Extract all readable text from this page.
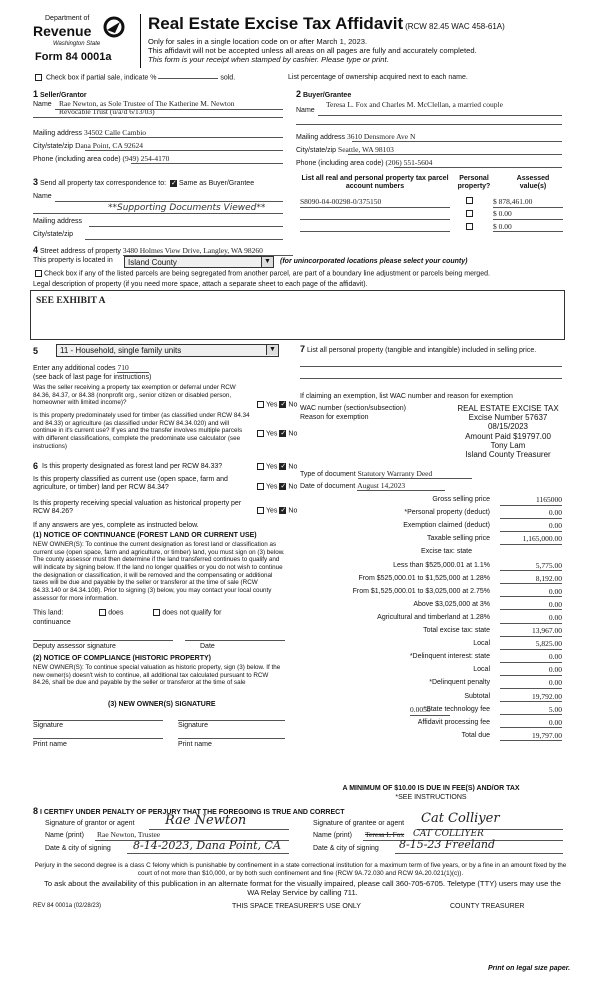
Department of
Revenue
Washington State
Form 84 0001a
Real Estate Excise Tax Affidavit (RCW 82.45 WAC 458-61A)
Only for sales in a single location code on or after March 1, 2023.
This affidavit will not be accepted unless all areas on all pages are fully and accurately completed.
This form is your receipt when stamped by cashier. Please type or print.
Check box if partial sale, indicate %	sold.	List percentage of ownership acquired next to each name.
1 Seller/Grantor
Name Rae Newton, as Sole Trustee of The Katherine M. Newton
Revocable Trust (u/a/d 6/13/03)
Mailing address 34502 Calle Cambio
City/state/zip Dana Point, CA 92624
Phone (including area code) (949) 254-4170
2 Buyer/Grantee
Name
Teresa L. Fox and Charles M. McClellan, a married couple
Mailing address 3610 Densmore Ave N
City/state/zip Seattle, WA 98103
Phone (including area code) (206) 551-5604
3 Send all property tax correspondence to: ✓ Same as Buyer/Grantee
Name
**Supporting Documents Viewed**
Mailing address
City/state/zip
List all real and personal property tax parcel account numbers
Personal property?
Assessed value(s)
S8090-04-00298-0/375150	$ 878,461.00
$ 0.00
$ 0.00
4 Street address of property 3480 Holmes View Drive, Langley, WA 98260
This property is located in	Island County	▼ (for unincorporated locations please select your county)
Check box if any of the listed parcels are being segregated from another parcel, are part of a boundary line adjustment or parcels being merged.
Legal description of property (if you need more space, attach a separate sheet to each page of the affidavit).
SEE EXHIBIT A
5	11 - Household, single family units	▼
Enter any additional codes 710
(see back of last page for instructions)
Was the seller receiving a property tax exemption or deferral under RCW 84.36, 84.37, or 84.38 (nonprofit org., senior citizen or disabled person, homeowner with limited income)?	Yes ✓ No
Is this property predominately used for timber (as classified under RCW 84.34 and 84.33) or agriculture (as classified under RCW 84.34.020) and will continue in it's current use? If yes and the transfer involves multiple parcels with different classifications, complete the predominate use calculator (see instructions)
Yes ✓ No
6 Is this property designated as forest land per RCW 84.33?	Yes ✓ No
Is this property classified as current use (open space, farm and agriculture, or timber) land per RCW 84.34?	Yes ✓ No
Is this property receiving special valuation as historical property per RCW 84.26?	Yes ✓ No
If any answers are yes, complete as instructed below.
(1) NOTICE OF CONTINUANCE (FOREST LAND OR CURRENT USE)
NEW OWNER(S): To continue the current designation as forest land or classification as current use (open space, farm and agriculture, or timber) land, you must sign on (3) below. The county assessor must then determine if the land transferred continues to qualify and will indicate by signing below. If the land no longer qualifies or you do not wish to continue the designation or classification, it will be removed and the compensating or additional taxes will be due and payable by the seller or transferor at the time of sale (RCW 84.33.140 or 84.34.108). Prior to signing (3) below, you may contact your local county assessor for more information.
This land:	does	does not qualify for
continuance
Deputy assessor signature	Date
(2) NOTICE OF COMPLIANCE (HISTORIC PROPERTY)
NEW OWNER(S): To continue special valuation as historic property, sign (3) below. If the new owner(s) doesn't wish to continue, all additional tax calculated pursuant to RCW 84.26, shall be due and payable by the seller or transferor at the time of sale
(3) NEW OWNER(S) SIGNATURE
Signature	Signature
Print name	Print name
7 List all personal property (tangible and intangible) included in selling price.
If claiming an exemption, list WAC number and reason for exemption
WAC number (section/subsection)
Reason for exemption
REAL ESTATE EXCISE TAX
Excise Number 57637
08/15/2023
Amount Paid $19797.00
Tony Lam
Island County Treasurer
Type of document Statutory Warranty Deed
Date of document August 14,2023
Gross selling price	1165000
*Personal property (deduct)	0.00
Exemption claimed (deduct)	0.00
Taxable selling price	1,165,000.00
Excise tax: state
Less than $525,000.01 at 1.1%	5,775.00
From $525,000.01 to $1,525,000 at 1.28%	8,192.00
From $1,525,000.01 to $3,025,000 at 2.75%	0.00
Above $3,025,000 at 3%	0.00
Agricultural and timberland at 1.28%	0.00
Total excise tax: state	13,967.00
Local	5,825.00
*Delinquent interest: state	0.00
Local	0.00
*Delinquent penalty	0.00
Subtotal	19,792.00
*State technology fee	5.00
Affidavit processing fee	0.00
Total due	19,797.00
0.0050
A MINIMUM OF $10.00 IS DUE IN FEE(S) AND/OR TAX
*SEE INSTRUCTIONS
8 I CERTIFY UNDER PENALTY OF PERJURY THAT THE FOREGOING IS TRUE AND CORRECT
Signature of grantor or agent Rae Newton
Name (print) Rae Newton, Trustee
Date & city of signing 8-14-2023, Dana Point, CA
Signature of grantee or agent Cat Colliyer
Name (print) Teresa L Fox CAT COLLIYER
Date & city of signing 8-15-23 Freeland
Perjury in the second degree is a class C felony which is punishable by confinement in a state correctional institution for a maximum term of five years, or by a fine in an amount fixed by the court of not more than $10,000, or by both such confinement and fine (RCW 9A.72.030 and RCW 9A.20.021(1)(c)).
To ask about the availability of this publication in an alternate format for the visually impaired, please call 360-705-6705. Teletype (TTY) users may use the WA Relay Service by calling 711.
REV 84 0001a (02/28/23)	THIS SPACE TREASURER'S USE ONLY	COUNTY TREASURER
Print on legal size paper.
